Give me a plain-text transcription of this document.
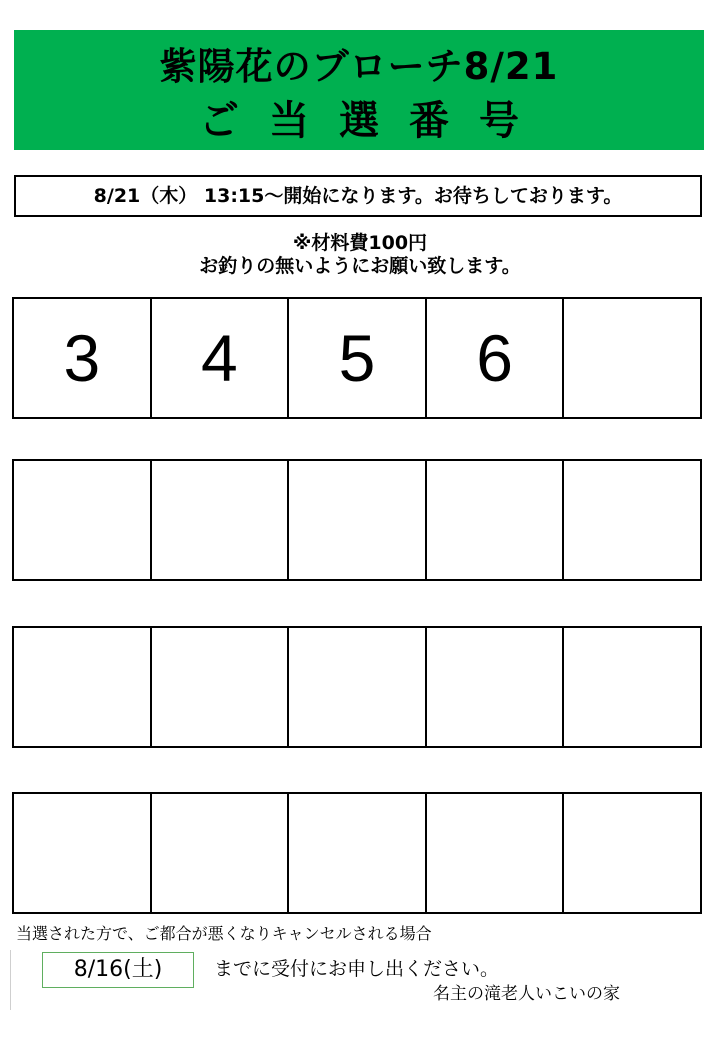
紫陽花のブローチ8/21
ご当選番号
8/21（木） 13:15〜開始になります。お待ちしております。
※材料費100円
お釣りの無いようにお願い致します。
3	4	5	6
当選された方で、ご都合が悪くなりキャンセルされる場合
8/16(土)	までに受付にお申し出ください。
名主の滝老人いこいの家
